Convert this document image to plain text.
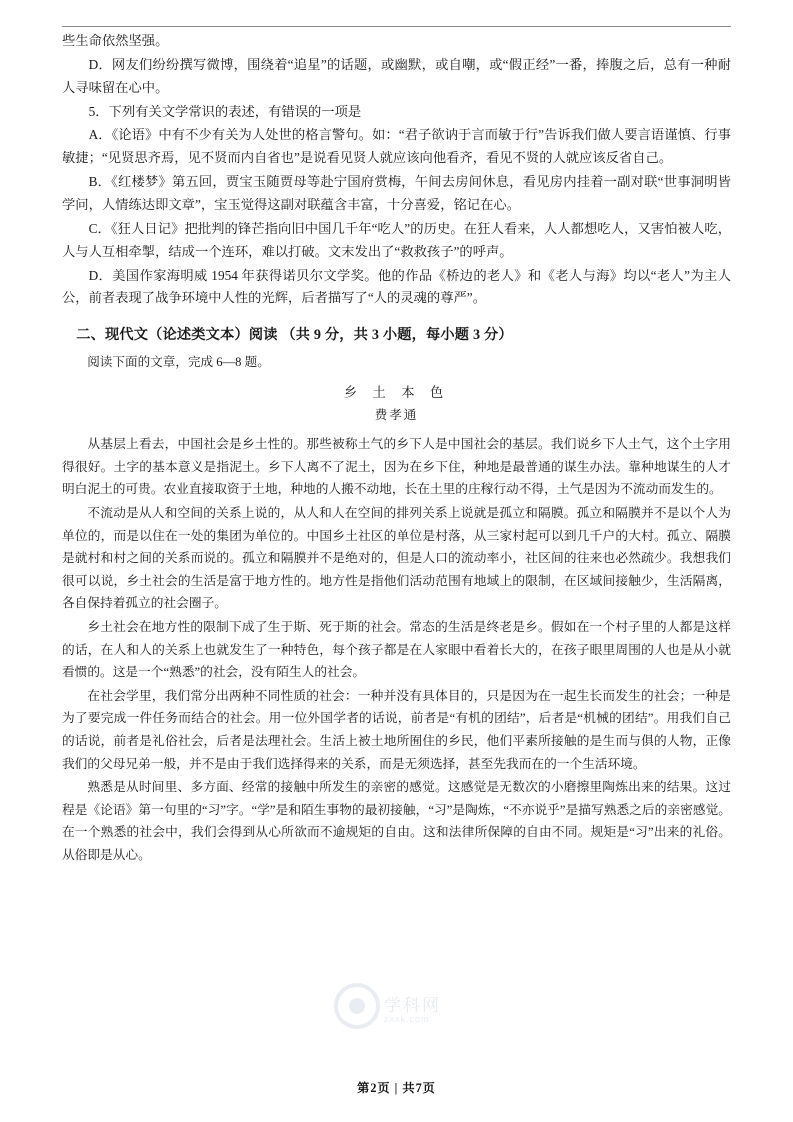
些生命依然坚强。

D．网友们纷纷撰写微博，围绕着“追星”的话题，或幽默，或自嘲，或“假正经”一番，捧腹之后，总有一种耐人寻味留在心中。

5．下列有关文学常识的表述，有错误的一项是

A．《论语》中有不少有关为人处世的格言警句。如：“君子欲讷于言而敏于行”告诉我们做人要言语谨慎、行事敏捷；“见贤思齐焉，见不贤而内自省也”是说看见贤人就应该向他看齐，看见不贤的人就应该反省自己。

B．《红楼梦》第五回，贾宝玉随贾母等赴宁国府赏梅，午间去房间休息，看见房内挂着一副对联“世事洞明皆学问，人情练达即文章”，宝玉觉得这副对联蕴含丰富，十分喜爱，铭记在心。

C．《狂人日记》把批判的锋芒指向旧中国几千年“吃人”的历史。在狂人看来，人人都想吃人，又害怕被人吃，人与人互相牵掣，结成一个连环，难以打破。文末发出了“救救孩子”的呼声。

D．美国作家海明威 1954 年获得诺贝尔文学奖。他的作品《桥边的老人》和《老人与海》均以“老人”为主人公，前者表现了战争环境中人性的光辉，后者描写了“人的灵魂的尊严”。

二、现代文（论述类文本）阅读 （共 9 分，共 3 小题，每小题 3 分）

阅读下面的文章，完成 6—8 题。

乡 土 本 色

费孝通

从基层上看去，中国社会是乡土性的。那些被称土气的乡下人是中国社会的基层。我们说乡下人土气，这个土字用得很好。土字的基本意义是指泥土。乡下人离不了泥土，因为在乡下住，种地是最普通的谋生办法。靠种地谋生的人才明白泥土的可贵。农业直接取资于土地，种地的人搬不动地，长在土里的庄稼行动不得，土气是因为不流动而发生的。

不流动是从人和空间的关系上说的，从人和人在空间的排列关系上说就是孤立和隔膜。孤立和隔膜并不是以个人为单位的，而是以住在一处的集团为单位的。中国乡土社区的单位是村落，从三家村起可以到几千户的大村。孤立、隔膜是就村和村之间的关系而说的。孤立和隔膜并不是绝对的，但是人口的流动率小，社区间的往来也必然疏少。我想我们很可以说，乡土社会的生活是富于地方性的。地方性是指他们活动范围有地域上的限制，在区域间接触少，生活隔离，各自保持着孤立的社会圈子。

乡土社会在地方性的限制下成了生于斯、死于斯的社会。常态的生活是终老是乡。假如在一个村子里的人都是这样的话，在人和人的关系上也就发生了一种特色，每个孩子都是在人家眼中看着长大的，在孩子眼里周围的人也是从小就看惯的。这是一个“熟悉”的社会，没有陌生人的社会。

在社会学里，我们常分出两种不同性质的社会：一种并没有具体目的，只是因为在一起生长而发生的社会；一种是为了要完成一件任务而结合的社会。用一位外国学者的话说，前者是“有机的团结”，后者是“机械的团结”。用我们自己的话说，前者是礼俗社会，后者是法理社会。生活上被土地所囿住的乡民，他们平素所接触的是生而与俱的人物，正像我们的父母兄弟一般，并不是由于我们选择得来的关系，而是无须选择，甚至先我而在的一个生活环境。

熟悉是从时间里、多方面、经常的接触中所发生的亲密的感觉。这感觉是无数次的小磨擦里陶炼出来的结果。这过程是《论语》第一句里的“习”字。“学”是和陌生事物的最初接触，“习”是陶炼，“不亦说乎”是描写熟悉之后的亲密感觉。在一个熟悉的社会中，我们会得到从心所欲而不逾规矩的自由。这和法律所保障的自由不同。规矩是“习”出来的礼俗。从俗即是从心。

学科网
zxxk.com
第2页 | 共7页
